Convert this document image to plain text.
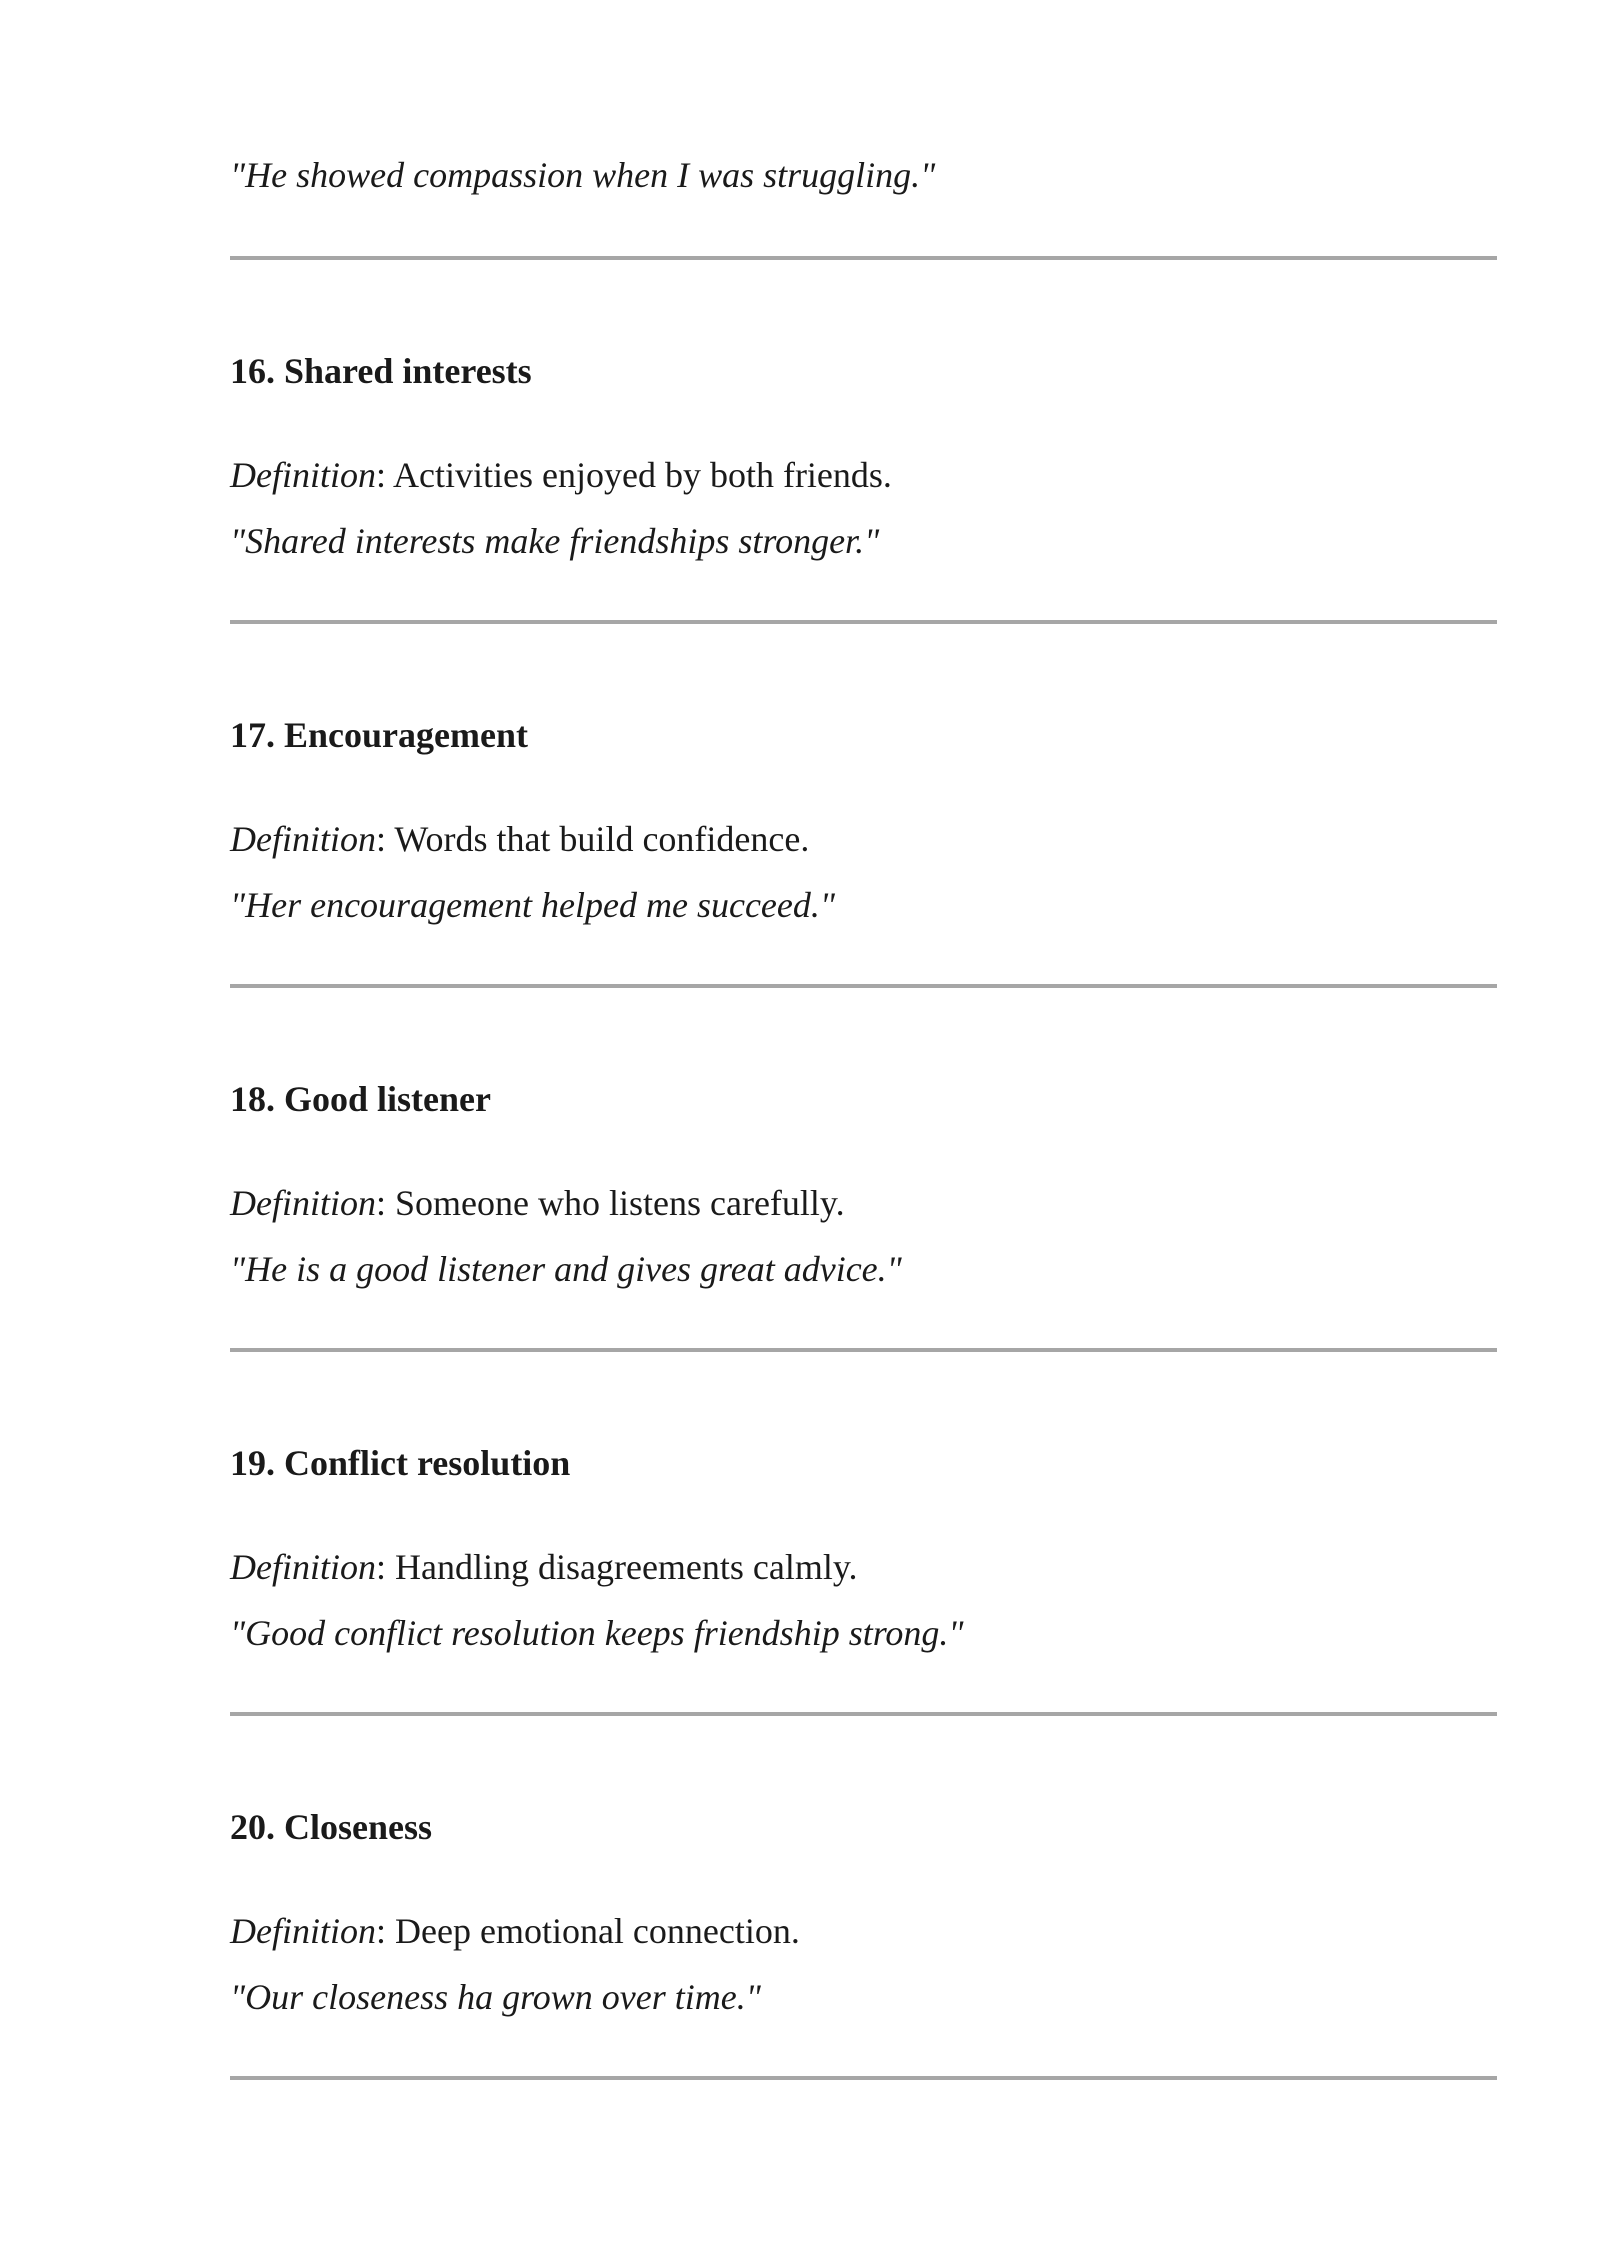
"He showed compassion when I was struggling."
16. Shared interests
Definition: Activities enjoyed by both friends.
"Shared interests make friendships stronger."
17. Encouragement
Definition: Words that build confidence.
"Her encouragement helped me succeed."
18. Good listener
Definition: Someone who listens carefully.
"He is a good listener and gives great advice."
19. Conflict resolution
Definition: Handling disagreements calmly.
"Good conflict resolution keeps friendship strong."
20. Closeness
Definition: Deep emotional connection.
"Our closeness ha grown over time."
